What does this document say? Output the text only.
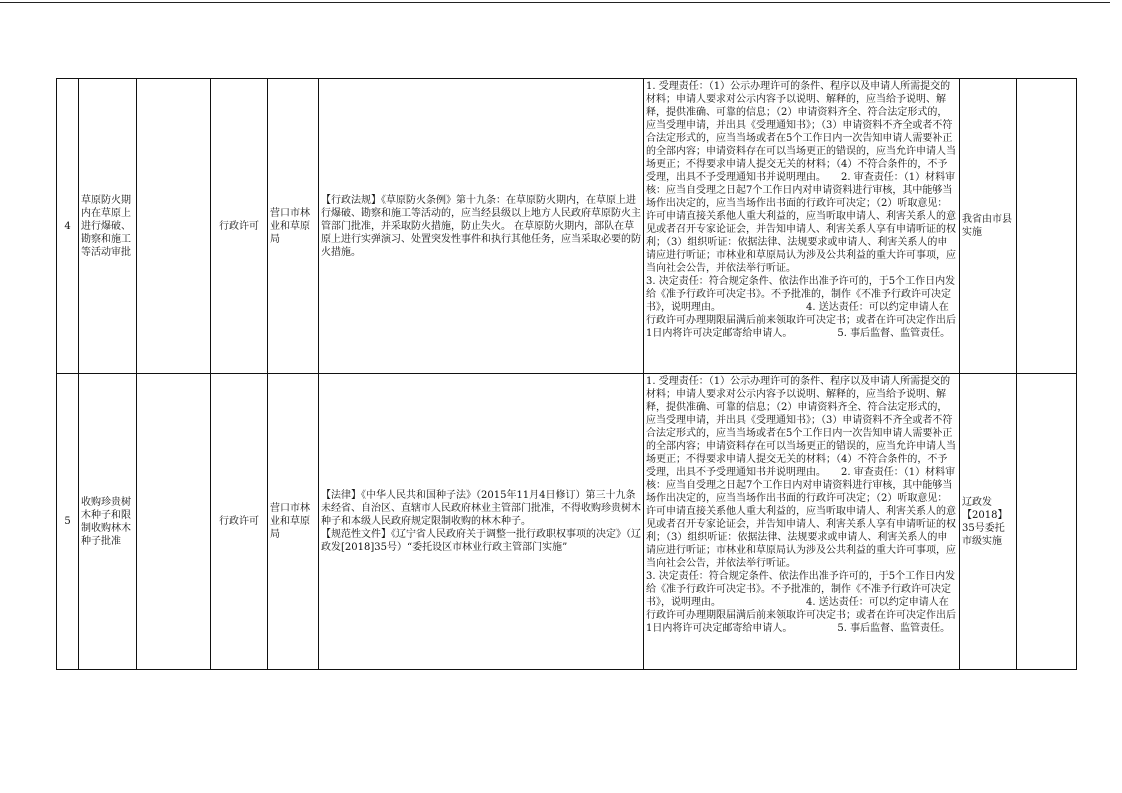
4	草原防火期内在草原上进行爆破、勘察和施工等活动审批		行政许可	营口市林业和草原局	【行政法规】《草原防火条例》第十九条：在草原防火期内，在草原上进行爆破、勘察和施工等活动的，应当经县级以上地方人民政府草原防火主管部门批准，并采取防火措施，防止失火。 在草原防火期内，部队在草原上进行实弹演习、处置突发性事件和执行其他任务，应当采取必要的防火措施。	1. 受理责任：（1）公示办理许可的条件、程序以及申请人所需提交的材料；申请人要求对公示内容予以说明、解释的，应当给予说明、解释，提供准确、可靠的信息；（2）申请资料齐全、符合法定形式的，应当受理申请，并出具《受理通知书》；（3）申请资料不齐全或者不符合法定形式的，应当当场或者在5个工作日内一次告知申请人需要补正的全部内容；申请资料存在可以当场更正的错误的，应当允许申请人当场更正；不得要求申请人提交无关的材料；（4）不符合条件的，不予受理，出具不予受理通知书并说明理由。　　2. 审查责任：（1）材料审核：应当自受理之日起7个工作日内对申请资料进行审核，其中能够当场作出决定的，应当当场作出书面的行政许可决定；（2）听取意见：许可申请直接关系他人重大利益的，应当听取申请人、利害关系人的意见或者召开专家论证会，并告知申请人、利害关系人享有申请听证的权利；（3）组织听证：依据法律、法规要求或申请人、利害关系人的申请应进行听证；市林业和草原局认为涉及公共利益的重大许可事项，应当向社会公告，并依法举行听证。
3. 决定责任：符合规定条件、依法作出准予许可的，于5个工作日内发给《准予行政许可决定书》。不予批准的，制作《不准予行政许可决定书》，说明理由。　　　　　　　　　4. 送达责任：可以约定申请人在行政许可办理期限届满后前来领取许可决定书；或者在许可决定作出后1日内将许可决定邮寄给申请人。　　　　　5. 事后监督、监管责任。	我省由市县实施	
5	收购珍贵树木种子和限制收购林木种子批准		行政许可	营口市林业和草原局	【法律】《中华人民共和国种子法》（2015年11月4日修订）第三十九条 未经省、自治区、直辖市人民政府林业主管部门批准，不得收购珍贵树木种子和本级人民政府规定限制收购的林木种子。
【规范性文件】《辽宁省人民政府关于调整一批行政职权事项的决定》（辽政发[2018]35号）“委托设区市林业行政主管部门实施”	1. 受理责任：（1）公示办理许可的条件、程序以及申请人所需提交的材料；申请人要求对公示内容予以说明、解释的，应当给予说明、解释，提供准确、可靠的信息；（2）申请资料齐全、符合法定形式的，应当受理申请，并出具《受理通知书》；（3）申请资料不齐全或者不符合法定形式的，应当当场或者在5个工作日内一次告知申请人需要补正的全部内容；申请资料存在可以当场更正的错误的，应当允许申请人当场更正；不得要求申请人提交无关的材料；（4）不符合条件的，不予受理，出具不予受理通知书并说明理由。　　2. 审查责任：（1）材料审核：应当自受理之日起7个工作日内对申请资料进行审核，其中能够当场作出决定的，应当当场作出书面的行政许可决定；（2）听取意见：许可申请直接关系他人重大利益的，应当听取申请人、利害关系人的意见或者召开专家论证会，并告知申请人、利害关系人享有申请听证的权利；（3）组织听证：依据法律、法规要求或申请人、利害关系人的申请应进行听证；市林业和草原局认为涉及公共利益的重大许可事项，应当向社会公告，并依法举行听证。
3. 决定责任：符合规定条件、依法作出准予许可的，于5个工作日内发给《准予行政许可决定书》。不予批准的，制作《不准予行政许可决定书》，说明理由。　　　　　　　　　4. 送达责任：可以约定申请人在行政许可办理期限届满后前来领取许可决定书；或者在许可决定作出后1日内将许可决定邮寄给申请人。　　　　　5. 事后监督、监管责任。	辽政发【2018】35号委托市级实施	
